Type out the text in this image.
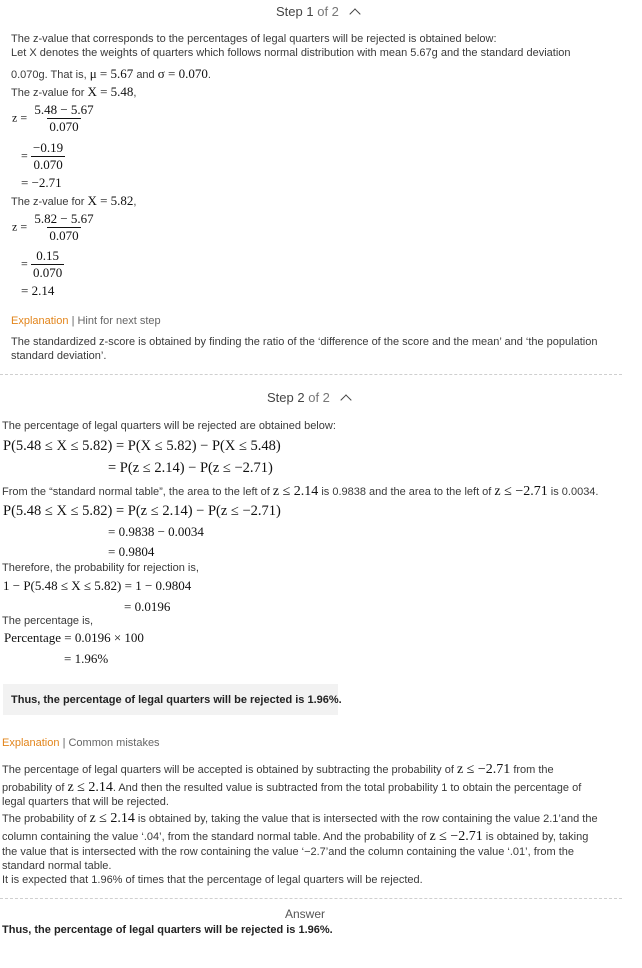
Step 1 of 2
The z-value that corresponds to the percentages of legal quarters will be rejected is obtained below:
Let X denotes the weights of quarters which follows normal distribution with mean 5.67g and the standard deviation
0.070g. That is, μ = 5.67 and σ = 0.070.
The z-value for X = 5.48,
$z = \frac{5.48 - 5.67}{0.070}$
= $\frac{-0.19}{0.070}$
= −2.71
The z-value for X = 5.82,
$z = \frac{5.82 - 5.67}{0.070}$
= $\frac{0.15}{0.070}$
= 2.14
Explanation | Hint for next step
The standardized z-score is obtained by finding the ratio of the ‘difference of the score and the mean’ and ‘the population
standard deviation’.
Step 2 of 2
The percentage of legal quarters will be rejected are obtained below:
P(5.48 ≤ X ≤ 5.82) = P(X ≤ 5.82) − P(X ≤ 5.48)
= P(z ≤ 2.14) − P(z ≤ −2.71)
From the “standard normal table”, the area to the left of z ≤ 2.14 is 0.9838 and the area to the left of z ≤ −2.71 is 0.0034.
P(5.48 ≤ X ≤ 5.82) = P(z ≤ 2.14) − P(z ≤ −2.71)
= 0.9838 − 0.0034
= 0.9804
Therefore, the probability for rejection is,
1 − P(5.48 ≤ X ≤ 5.82) = 1 − 0.9804
= 0.0196
The percentage is,
Percentage = 0.0196 × 100
= 1.96%
Thus, the percentage of legal quarters will be rejected is 1.96%.
Explanation | Common mistakes
The percentage of legal quarters will be accepted is obtained by subtracting the probability of z ≤ −2.71 from the
probability of z ≤ 2.14. And then the resulted value is subtracted from the total probability 1 to obtain the percentage of
legal quarters that will be rejected.
The probability of z ≤ 2.14 is obtained by, taking the value that is intersected with the row containing the value 2.1’and the
column containing the value ‘.04’, from the standard normal table. And the probability of z ≤ −2.71 is obtained by, taking
the value that is intersected with the row containing the value ‘−2.7’and the column containing the value ‘.01’, from the
standard normal table.
It is expected that 1.96% of times that the percentage of legal quarters will be rejected.
Answer
Thus, the percentage of legal quarters will be rejected is 1.96%.
